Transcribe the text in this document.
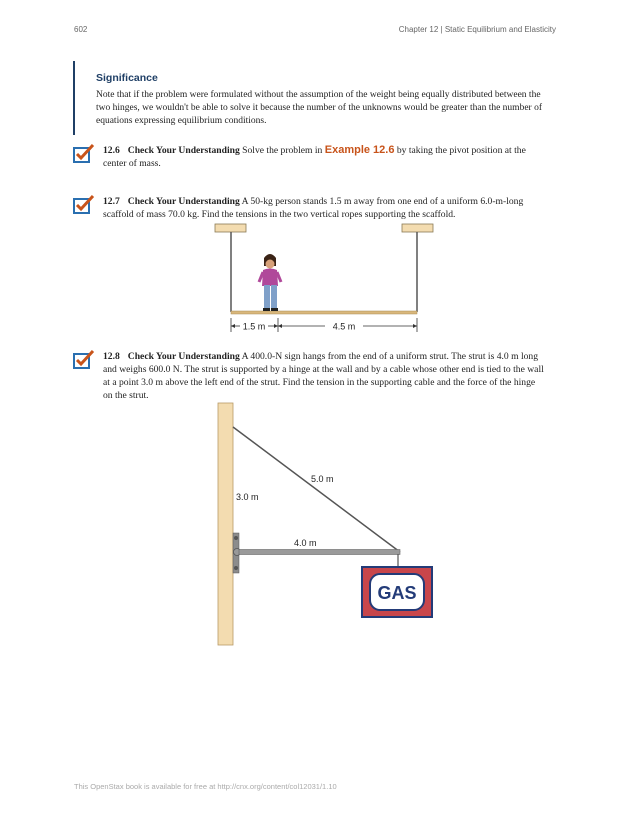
602	Chapter 12 | Static Equilibrium and Elasticity
Significance
Note that if the problem were formulated without the assumption of the weight being equally distributed between the two hinges, we wouldn't be able to solve it because the number of the unknowns would be greater than the number of equations expressing equilibrium conditions.
12.6 Check Your Understanding Solve the problem in Example 12.6 by taking the pivot position at the center of mass.
12.7 Check Your Understanding A 50-kg person stands 1.5 m away from one end of a uniform 6.0-m-long scaffold of mass 70.0 kg. Find the tensions in the two vertical ropes supporting the scaffold.
1.5 m	4.5 m
12.8 Check Your Understanding A 400.0-N sign hangs from the end of a uniform strut. The strut is 4.0 m long and weighs 600.0 N. The strut is supported by a hinge at the wall and by a cable whose other end is tied to the wall at a point 3.0 m above the left end of the strut. Find the tension in the supporting cable and the force of the hinge on the strut.
GAS
3.0 m
5.0 m
4.0 m
This OpenStax book is available for free at http://cnx.org/content/col12031/1.10
